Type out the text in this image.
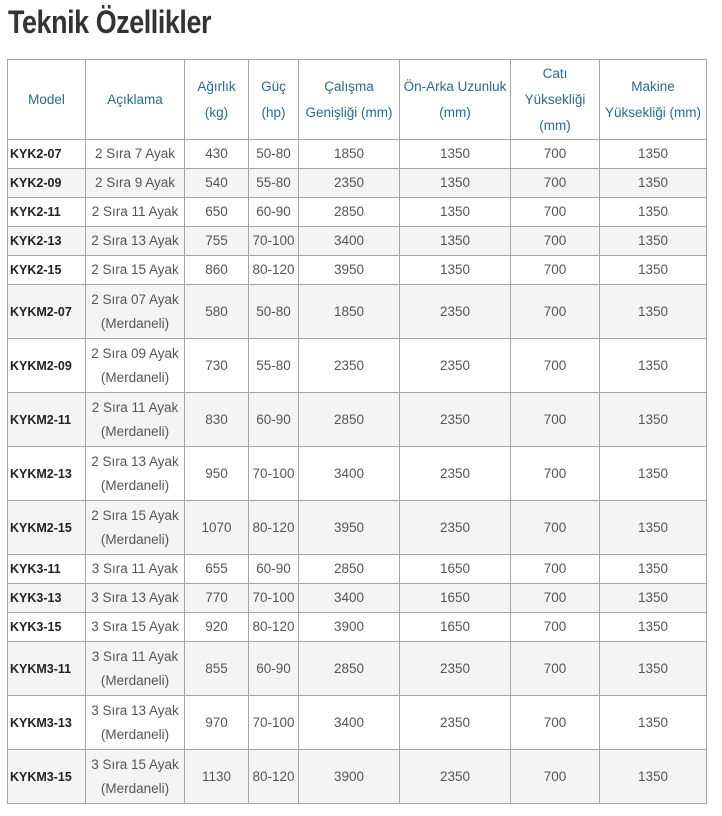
Teknik Özellikler
Model	Açıklama	Ağırlık (kg)	Güç (hp)	Çalışma Genişliği (mm)	Ön-Arka Uzunluk (mm)	Catı Yüksekliği (mm)	Makine Yüksekliği (mm)
KYK2-07	2 Sıra 7 Ayak	430	50-80	1850	1350	700	1350
KYK2-09	2 Sıra 9 Ayak	540	55-80	2350	1350	700	1350
KYK2-11	2 Sıra 11 Ayak	650	60-90	2850	1350	700	1350
KYK2-13	2 Sıra 13 Ayak	755	70-100	3400	1350	700	1350
KYK2-15	2 Sıra 15 Ayak	860	80-120	3950	1350	700	1350
KYKM2-07	2 Sıra 07 Ayak (Merdaneli)	580	50-80	1850	2350	700	1350
KYKM2-09	2 Sıra 09 Ayak (Merdaneli)	730	55-80	2350	2350	700	1350
KYKM2-11	2 Sıra 11 Ayak (Merdaneli)	830	60-90	2850	2350	700	1350
KYKM2-13	2 Sıra 13 Ayak (Merdaneli)	950	70-100	3400	2350	700	1350
KYKM2-15	2 Sıra 15 Ayak (Merdaneli)	1070	80-120	3950	2350	700	1350
KYK3-11	3 Sıra 11 Ayak	655	60-90	2850	1650	700	1350
KYK3-13	3 Sıra 13 Ayak	770	70-100	3400	1650	700	1350
KYK3-15	3 Sıra 15 Ayak	920	80-120	3900	1650	700	1350
KYKM3-11	3 Sıra 11 Ayak (Merdaneli)	855	60-90	2850	2350	700	1350
KYKM3-13	3 Sıra 13 Ayak (Merdaneli)	970	70-100	3400	2350	700	1350
KYKM3-15	3 Sıra 15 Ayak (Merdaneli)	1130	80-120	3900	2350	700	1350
